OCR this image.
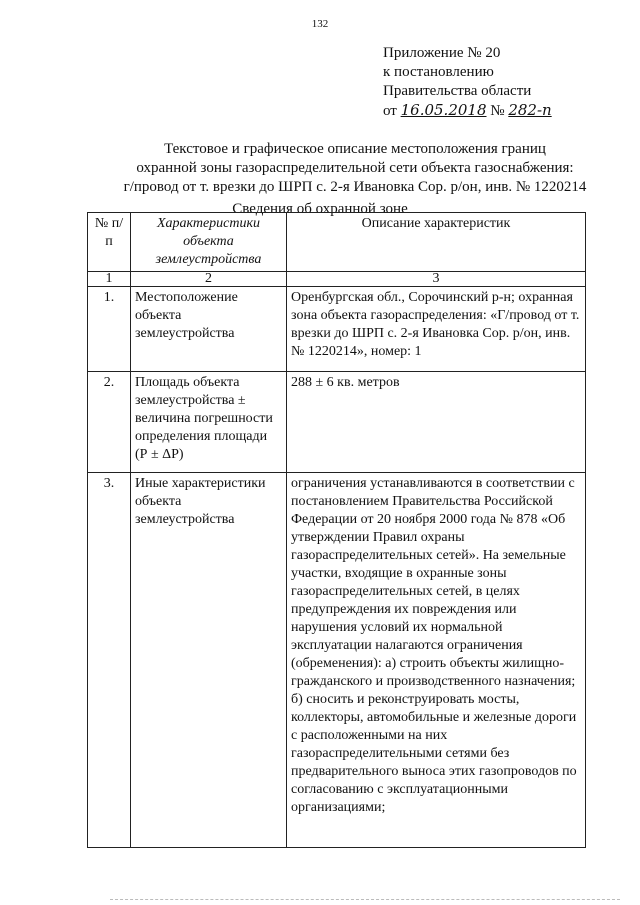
132
Приложение № 20
к постановлению
Правительства области
от 16.05.2018 № 282-п
Текстовое и графическое описание местоположения границ
охранной зоны газораспределительной сети объекта газоснабжения:
г/провод от т. врезки до ШРП с. 2-я Ивановка Сор. р/он, инв. № 1220214
Сведения об охранной зоне
№ п/п	Характеристики объекта землеустройства	Описание характеристик
1	2	3
1.	Местоположение объекта землеустройства	Оренбургская обл., Сорочинский р-н; охранная зона объекта газораспределения: «Г/провод от т. врезки до ШРП с. 2-я Ивановка Сор. р/он, инв. № 1220214», номер: 1
2.	Площадь объекта землеустройства ± величина погрешности определения площади (Р ± ΔР)	288 ± 6 кв. метров
3.	Иные характеристики объекта землеустройства	ограничения устанавливаются в соответствии с постановлением Правительства Российской Федерации от 20 ноября 2000 года № 878 «Об утверждении Правил охраны газораспределительных сетей». На земельные участки, входящие в охранные зоны газораспределительных сетей, в целях предупреждения их повреждения или нарушения условий их нормальной эксплуатации налагаются ограничения (обременения): а) строить объекты жилищно-гражданского и производственного назначения; б) сносить и реконструировать мосты, коллекторы, автомобильные и железные дороги с расположенными на них газораспределительными сетями без предварительного выноса этих газопроводов по согласованию с эксплуатационными организациями;
